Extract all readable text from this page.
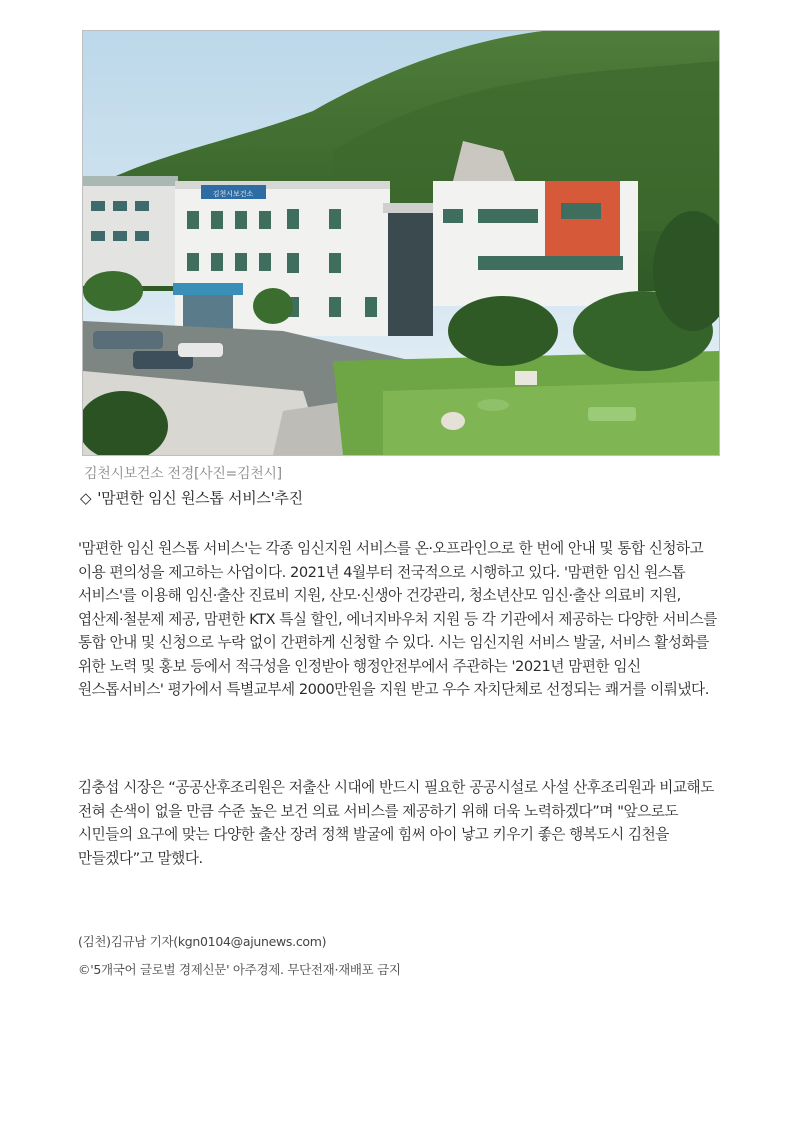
김천시보건소
김천시보건소 전경[사진=김천시]
◇ '맘편한 임신 원스톱 서비스'추진

'맘편한 임신 원스톱 서비스'는 각종 임신지원 서비스를 온·오프라인으로 한 번에 안내 및 통합 신청하고 이용 편의성을 제고하는 사업이다. 2021년 4월부터 전국적으로 시행하고 있다. '맘편한 임신 원스톱 서비스'를 이용해 임신·출산 진료비 지원, 산모·신생아 건강관리, 청소년산모 임신·출산 의료비 지원, 엽산제·철분제 제공, 맘편한 KTX 특실 할인, 에너지바우처 지원 등 각 기관에서 제공하는 다양한 서비스를 통합 안내 및 신청으로 누락 없이 간편하게 신청할 수 있다. 시는 임신지원 서비스 발굴, 서비스 활성화를 위한 노력 및 홍보 등에서 적극성을 인정받아 행정안전부에서 주관하는 '2021년 맘편한 임신 원스톱서비스' 평가에서 특별교부세 2000만원을 지원 받고 우수 자치단체로 선정되는 쾌거를 이뤄냈다.

김충섭 시장은 “공공산후조리원은 저출산 시대에 반드시 필요한 공공시설로 사설 산후조리원과 비교해도 전혀 손색이 없을 만큼 수준 높은 보건 의료 서비스를 제공하기 위해 더욱 노력하겠다”며 "앞으로도 시민들의 요구에 맞는 다양한 출산 장려 정책 발굴에 힘써 아이 낳고 키우기 좋은 행복도시 김천을 만들겠다”고 말했다.

(김천)김규남 기자(kgn0104@ajunews.com)
©'5개국어 글로벌 경제신문' 아주경제. 무단전재·재배포 금지
